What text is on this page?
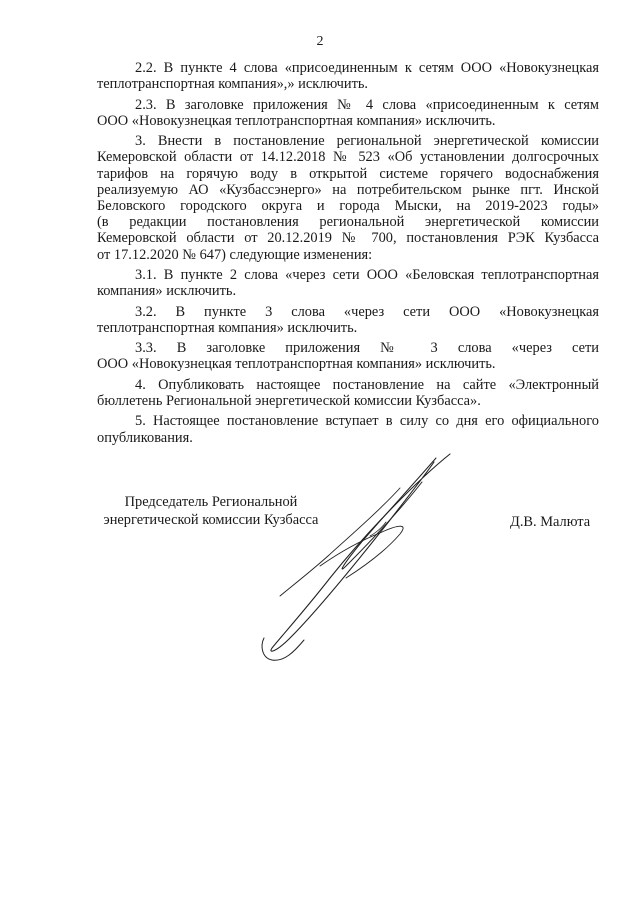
2
2.2. В пункте 4 слова «присоединенным к сетям ООО «Новокузнецкая
теплотранспортная компания»,» исключить.
2.3. В заголовке приложения № 4 слова «присоединенным к сетям
ООО «Новокузнецкая теплотранспортная компания» исключить.
3. Внести в постановление региональной энергетической комиссии
Кемеровской области от 14.12.2018 № 523 «Об установлении долгосрочных
тарифов на горячую воду в открытой системе горячего водоснабжения
реализуемую АО «Кузбассэнерго» на потребительском рынке пгт. Инской
Беловского городского округа и города Мыски, на 2019-2023 годы»
(в редакции постановления региональной энергетической комиссии
Кемеровской области от 20.12.2019 № 700, постановления РЭК Кузбасса
от 17.12.2020 № 647) следующие изменения:
3.1. В пункте 2 слова «через сети ООО «Беловская теплотранспортная
компания» исключить.
3.2. В пункте 3 слова «через сети ООО «Новокузнецкая
теплотранспортная компания» исключить.
3.3. В заголовке приложения № 3 слова «через сети
ООО «Новокузнецкая теплотранспортная компания» исключить.
4. Опубликовать настоящее постановление на сайте «Электронный
бюллетень Региональной энергетической комиссии Кузбасса».
5. Настоящее постановление вступает в силу со дня его официального
опубликования.
Председатель Региональной
энергетической комиссии Кузбасса	Д.В. Малюта
